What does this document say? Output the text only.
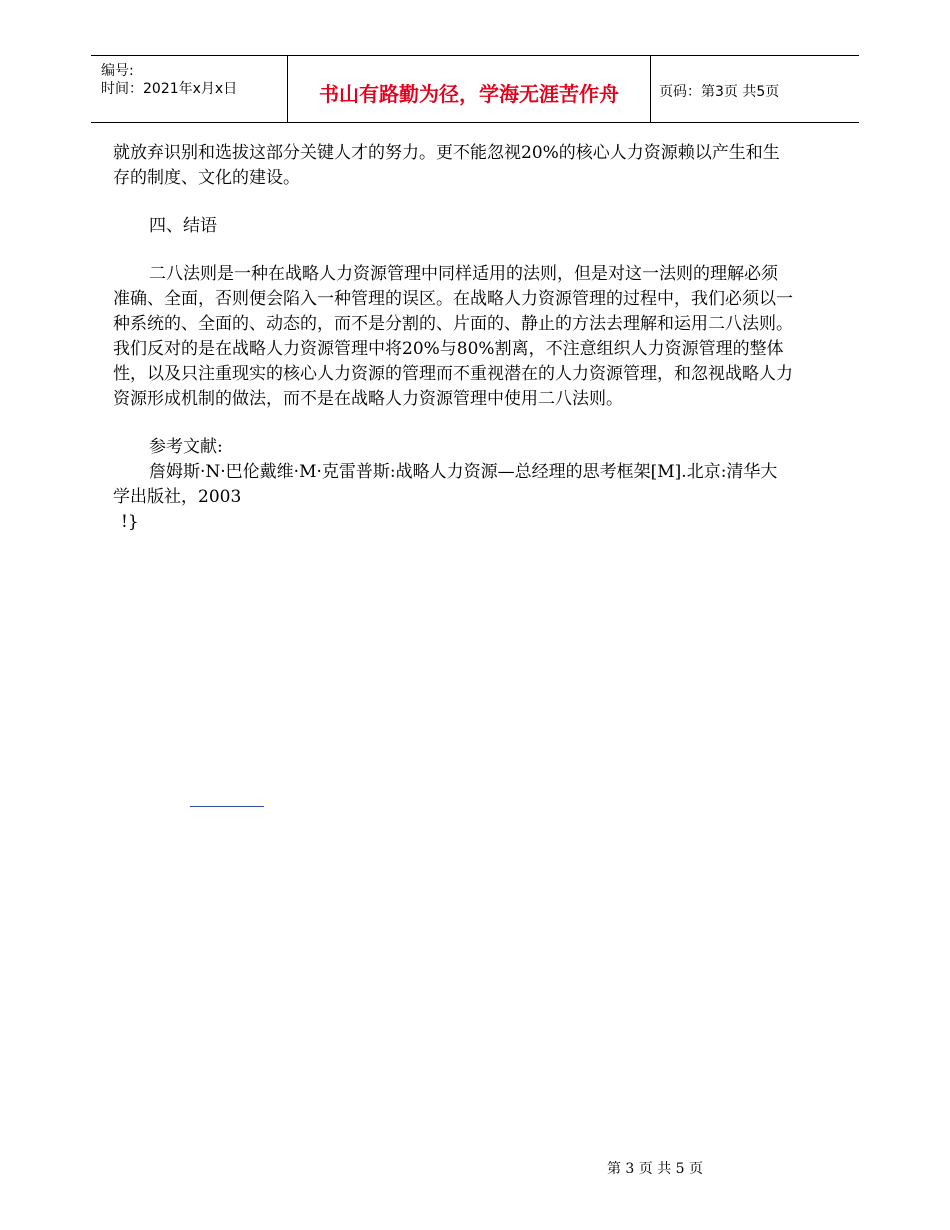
编号:
时间：2021年x月x日	书山有路勤为径，学海无涯苦作舟	页码：第3页 共5页

就放弃识别和选拔这部分关键人才的努力。更不能忽视20%的核心人力资源赖以产生和生存的制度、文化的建设。

四、结语

二八法则是一种在战略人力资源管理中同样适用的法则，但是对这一法则的理解必须准确、全面，否则便会陷入一种管理的误区。在战略人力资源管理的过程中，我们必须以一种系统的、全面的、动态的，而不是分割的、片面的、静止的方法去理解和运用二八法则。我们反对的是在战略人力资源管理中将20%与80%割离，不注意组织人力资源管理的整体性，以及只注重现实的核心人力资源的管理而不重视潜在的人力资源管理，和忽视战略人力资源形成机制的做法，而不是在战略人力资源管理中使用二八法则。

参考文献:

詹姆斯·N·巴伦戴维·M·克雷普斯:战略人力资源—总经理的思考框架[M].北京:清华大学出版社，2003

!}

第 3 页 共 5 页
